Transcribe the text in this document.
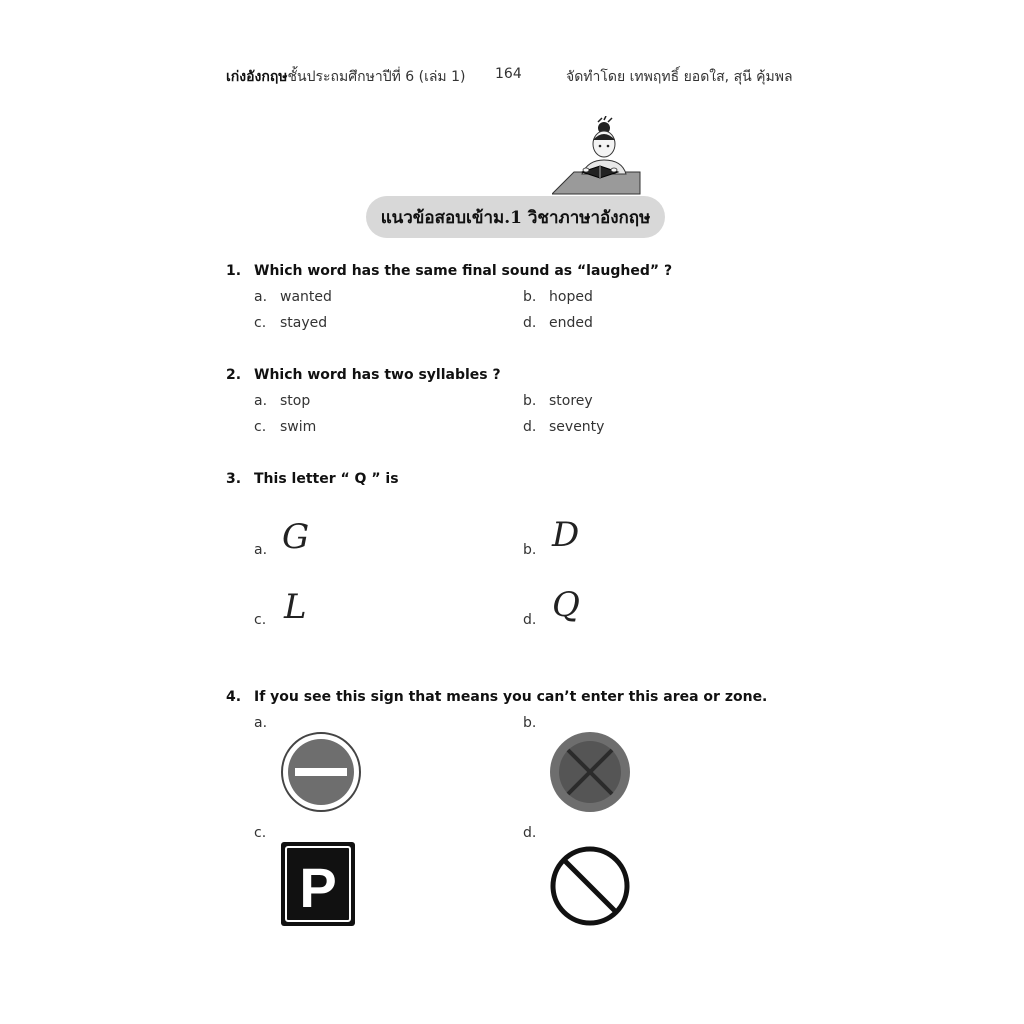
เก่งอังกฤษชั้นประถมศึกษาปีที่ 6 (เล่ม 1) 164	จัดทำโดย เทพฤทธิ์ ยอดใส, สุนี คุ้มพล
แนวข้อสอบเข้าม.1 วิชาภาษาอังกฤษ
1. Which word has the same final sound as “laughed” ?
a. wanted	b. hoped
c. stayed	d. ended
2. Which word has two syllables ?
a. stop	b. storey
c. swim	d. seventy
3. This letter “ Q ” is
a. G	b. D
c. L	d. Q
4. If you see this sign that means you can’t enter this area or zone.
a.	b.
c.
P
d.
